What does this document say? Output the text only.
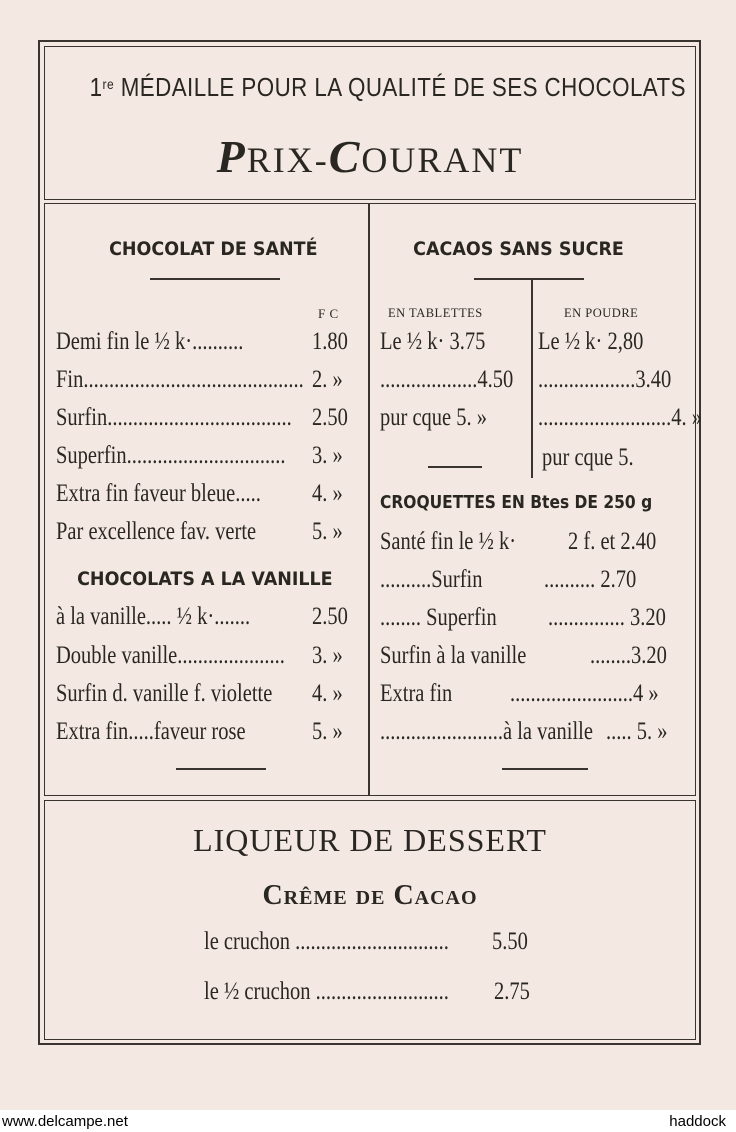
1re MÉDAILLE POUR LA QUALITÉ DE SES CHOCOLATS
PRIX-COURANT
CHOCOLAT DE SANTÉ
F C
Demi fin le ½ k·..........
Fin...........................................
Surfin....................................
Superfin...............................
Extra fin faveur bleue.....
Par excellence fav. verte
1.80
2. »
2.50
3. »
4. »
5. »
CHOCOLATS A LA VANILLE
à la vanille..... ½ k·.......
Double vanille.....................
Surfin d. vanille f. violette
Extra fin.....faveur rose
2.50
3. »
4. »
5. »
CACAOS SANS SUCRE
EN TABLETTES	EN POUDRE
Le ½ k· 3.75
...................4.50
pur cque 5. »
Le ½ k· 2,80
...................3.40
..........................4. »
pur cque 5.
CROQUETTES EN Btes DE 250 g
Santé fin le ½ k·
..........Surfin
........ Superfin
Surfin à la vanille
Extra fin
........................à la vanille
2 f. et 2.40
.......... 2.70
............... 3.20
........3.20
........................4 »
..... 5. »
LIQUEUR DE DESSERT
Crême de Cacao
le cruchon ..............................
le ½ cruchon ..........................
5.50
2.75
www.delcampe.net	haddock
